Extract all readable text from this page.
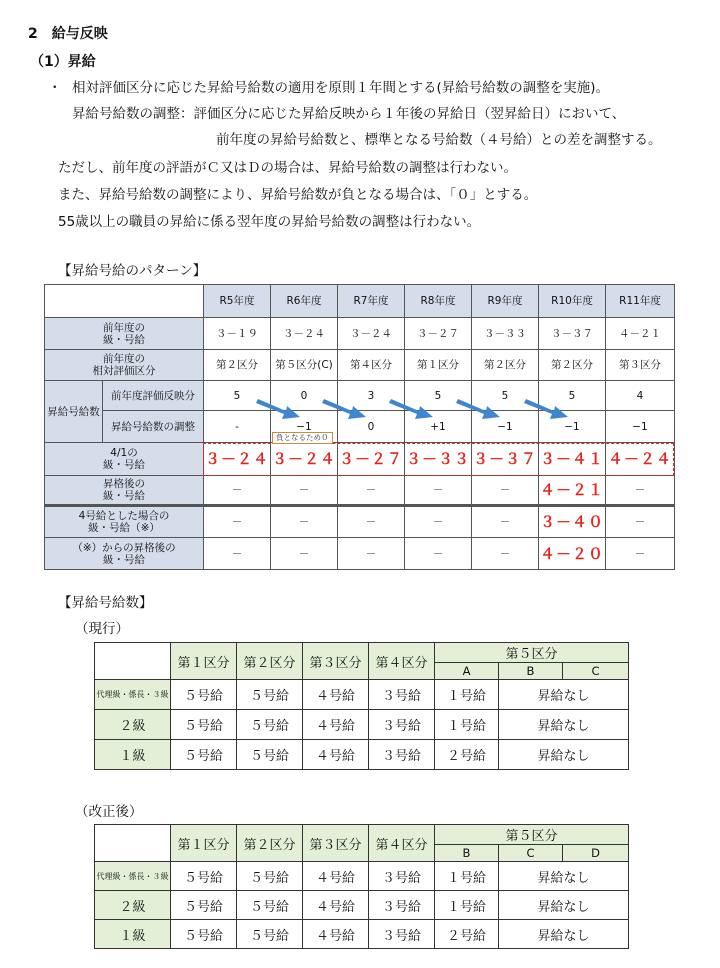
2　給与反映
（1）昇給
・ 相対評価区分に応じた昇給号給数の適用を原則１年間とする(昇給号給数の調整を実施)。
昇給号給数の調整：評価区分に応じた昇給反映から１年後の昇給日（翌昇給日）において、
前年度の昇給号給数と、標準となる号給数（４号給）との差を調整する。
ただし、前年度の評語がＣ又はＤの場合は、昇給号給数の調整は行わない。
また、昇給号給数の調整により、昇給号給数が負となる場合は、「０」とする。
55歳以上の職員の昇給に係る翌年度の昇給号給数の調整は行わない。
【昇給号給のパターン】
		R5年度	R6年度	R7年度	R8年度	R9年度	R10年度	R11年度
前年度の
級・号給		３－１９	３－２４	３－２４	３－２７	３－３３	３－３７	４－２１
前年度の
相対評価区分		第２区分	第５区分(C)	第４区分	第１区分	第２区分	第２区分	第３区分
昇給号給数	前年度評価反映分	5	0	3	5	5	5	4
	昇給号給数の調整	-	−1	0	+1	−1	−1	−1
4/1の
級・号給		３－２４	３－２４	３－２７	３－３３	３－３７	３－４１	４－２４
昇格後の
級・号給		－	－	－	－	－	４－２１	－
4号給とした場合の
級・号給（※）		－	－	－	－	－	３－４０	－
（※）からの昇格後の
級・号給		－	－	－	－	－	４－２０	－
負となるため０
【昇給号給数】
（現行）
	第１区分	第２区分	第３区分	第４区分	第５区分		
					A	B	C
代理級・係長・３級	５号給	５号給	４号給	３号給	１号給	昇給なし	
２級	５号給	５号給	４号給	３号給	１号給	昇給なし	
１級	５号給	５号給	４号給	３号給	２号給	昇給なし	
（改正後）
	第１区分	第２区分	第３区分	第４区分	第５区分		
					B	C	D
代理級・係長・３級	５号給	５号給	４号給	３号給	１号給	昇給なし	
２級	５号給	５号給	４号給	３号給	１号給	昇給なし	
１級	５号給	５号給	４号給	３号給	２号給	昇給なし	
